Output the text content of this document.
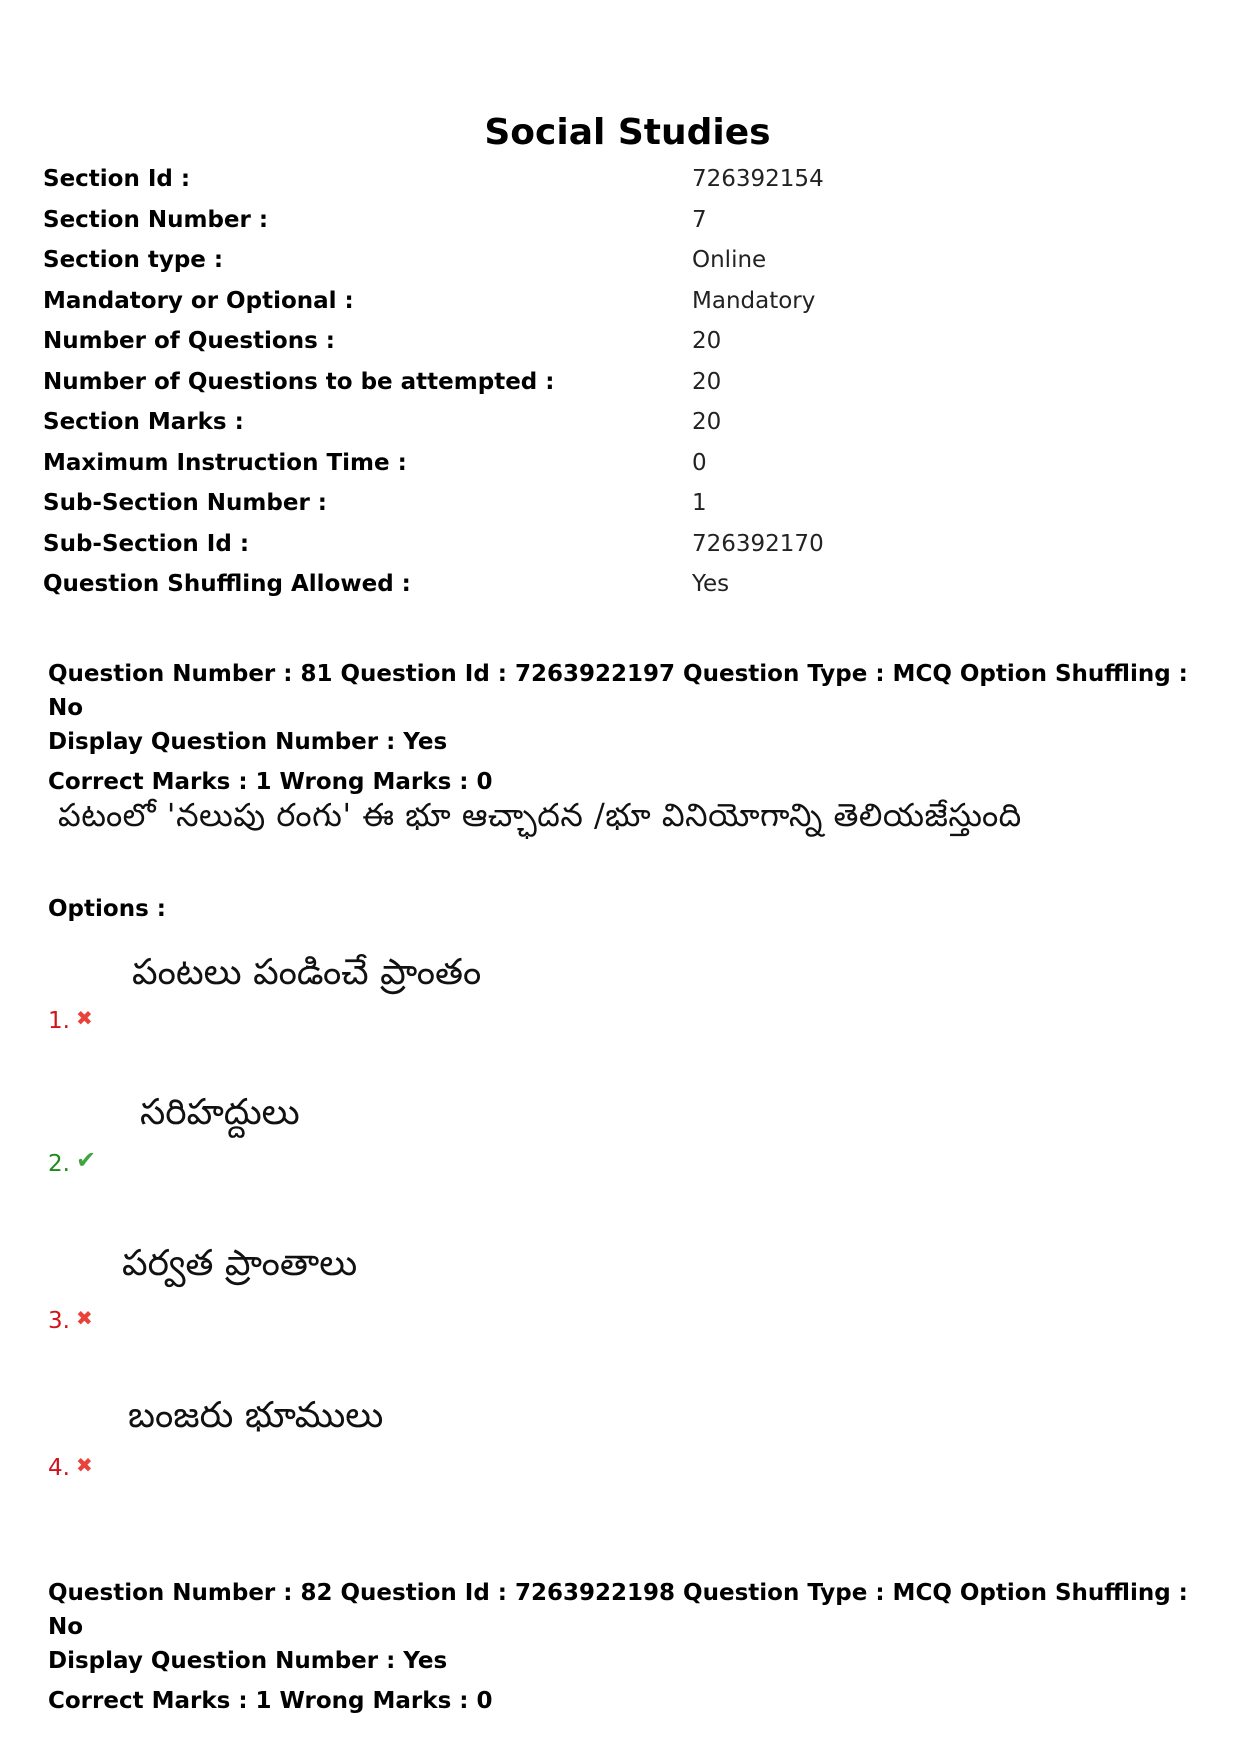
Social Studies
Section Id :	726392154
Section Number :	7
Section type :	Online
Mandatory or Optional :	Mandatory
Number of Questions :	20
Number of Questions to be attempted :	20
Section Marks :	20
Maximum Instruction Time :	0
Sub-Section Number :	1
Sub-Section Id :	726392170
Question Shuffling Allowed :	Yes
Question Number : 81 Question Id : 7263922197 Question Type : MCQ Option Shuffling : No
Display Question Number : Yes
Correct Marks : 1 Wrong Marks : 0
పటంలో 'నలుపు రంగు' ఈ భూ ఆచ్ఛాదన /భూ వినియోగాన్ని తెలియజేస్తుంది
Options :
పంటలు పండించే ప్రాంతం
1. ✖
సరిహద్దులు
2. ✔
పర్వత ప్రాంతాలు
3. ✖
బంజరు భూములు
4. ✖
Question Number : 82 Question Id : 7263922198 Question Type : MCQ Option Shuffling : No
Display Question Number : Yes
Correct Marks : 1 Wrong Marks : 0
